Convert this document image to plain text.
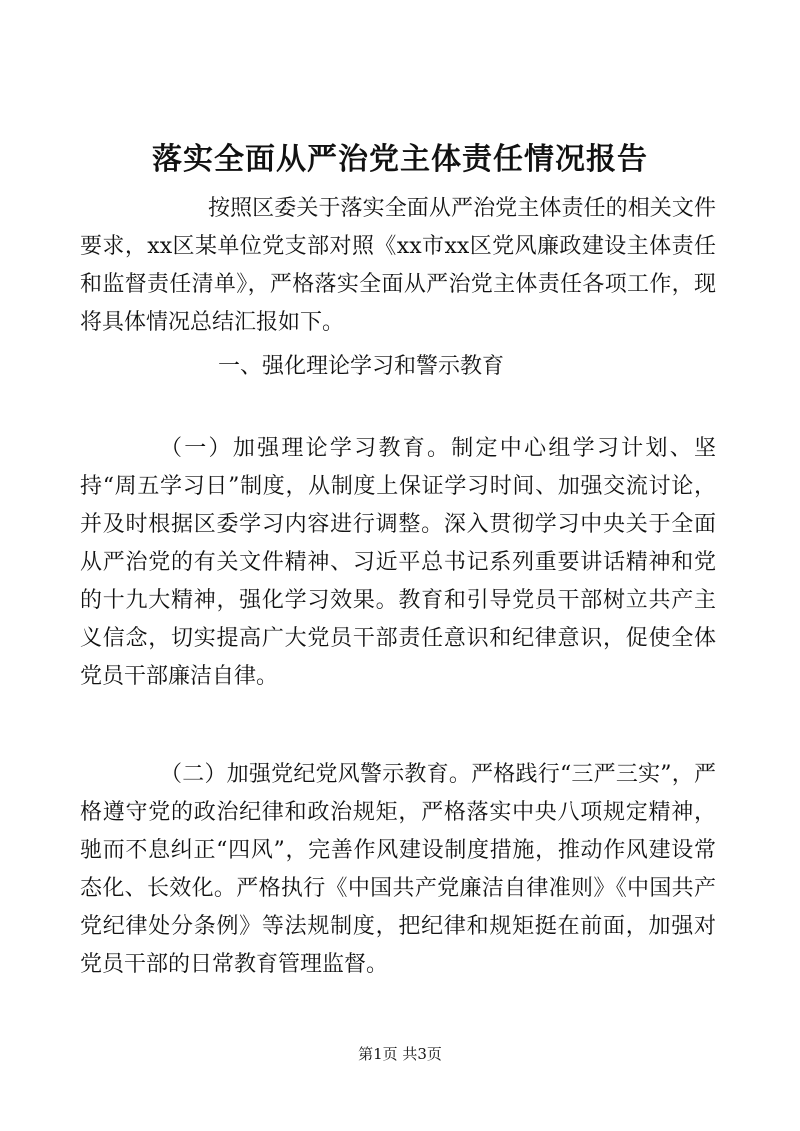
落实全面从严治党主体责任情况报告

按照区委关于落实全面从严治党主体责任的相关文件要求，xx区某单位党支部对照《xx市xx区党风廉政建设主体责任和监督责任清单》，严格落实全面从严治党主体责任各项工作，现将具体情况总结汇报如下。

一、强化理论学习和警示教育

（一）加强理论学习教育。制定中心组学习计划、坚持“周五学习日”制度，从制度上保证学习时间、加强交流讨论，并及时根据区委学习内容进行调整。深入贯彻学习中央关于全面从严治党的有关文件精神、习近平总书记系列重要讲话精神和党的十九大精神，强化学习效果。教育和引导党员干部树立共产主义信念，切实提高广大党员干部责任意识和纪律意识，促使全体党员干部廉洁自律。

（二）加强党纪党风警示教育。严格践行“三严三实”，严格遵守党的政治纪律和政治规矩，严格落实中央八项规定精神，驰而不息纠正“四风”，完善作风建设制度措施，推动作风建设常态化、长效化。严格执行《中国共产党廉洁自律准则》《中国共产党纪律处分条例》等法规制度，把纪律和规矩挺在前面，加强对党员干部的日常教育管理监督。

第1页 共3页
